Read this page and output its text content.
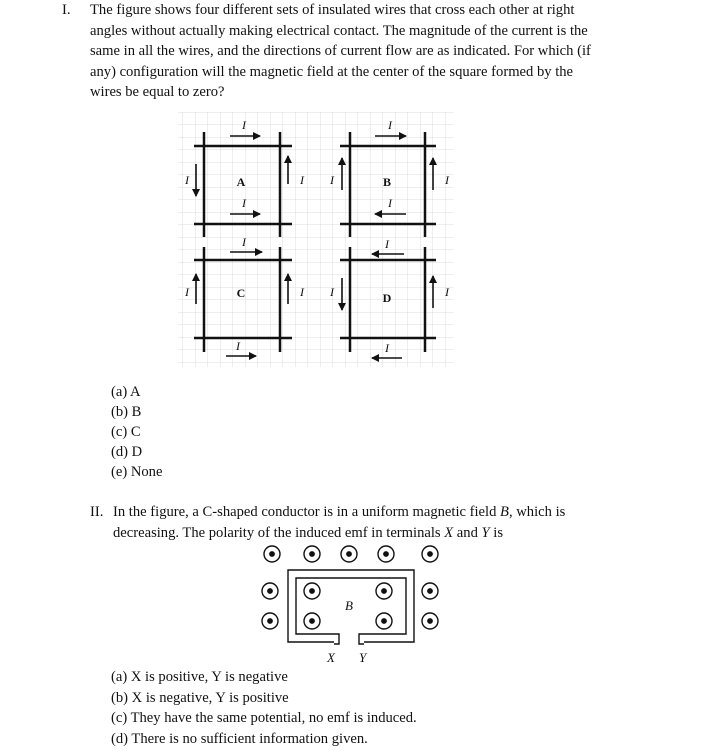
I. The figure shows four different sets of insulated wires that cross each other at right
angles without actually making electrical contact. The magnitude of the current is the
same in all the wires, and the directions of current flow are as indicated. For which (if
any) configuration will the magnetic field at the center of the square formed by the
wires be equal to zero?
I
I	I
I
I
I	I
I
I
I	I
I
I
I	I
I
A	B
C	D
(a) A
(b) B
(c) C
(d) D
(e) None
II. In the figure, a C-shaped conductor is in a uniform magnetic field B, which is
decreasing. The polarity of the induced emf in terminals X and Y is
B
X Y
(a) X is positive, Y is negative
(b) X is negative, Y is positive
(c) They have the same potential, no emf is induced.
(d) There is no sufficient information given.
